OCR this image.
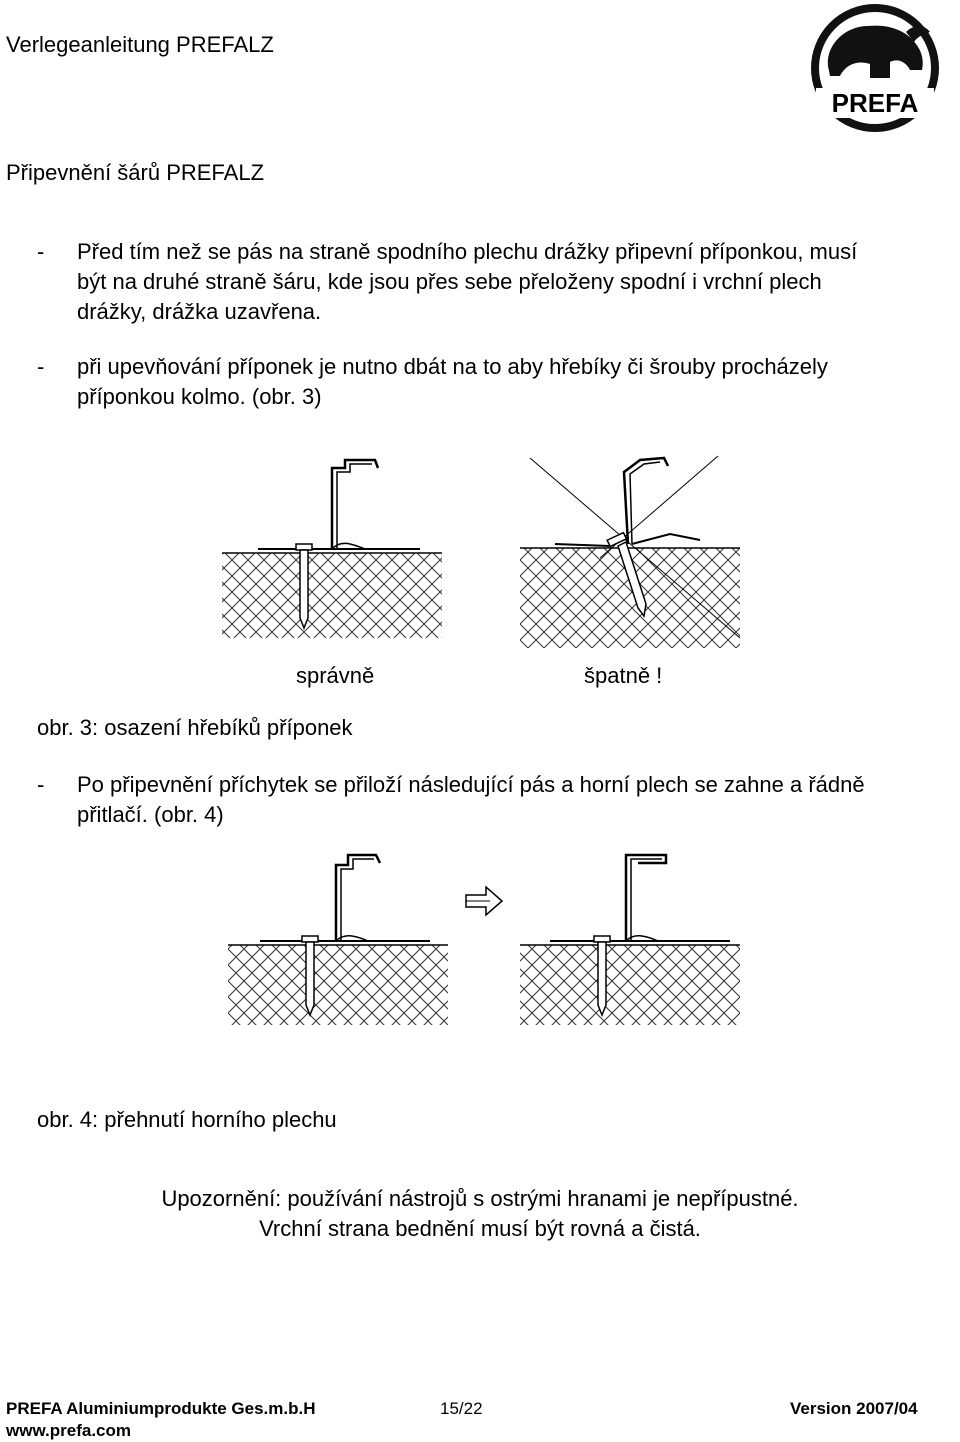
Verlegeanleitung PREFALZ
PREFA
Připevnění šárů PREFALZ
- Před tím než se pás na straně spodního plechu drážky připevní příponkou, musí
být na druhé straně šáru, kde jsou přes sebe přeloženy spodní i vrchní plech
drážky, drážka uzavřena.
- při upevňování příponek je nutno dbát na to aby hřebíky či šrouby procházely
příponkou kolmo. (obr. 3)
správně	špatně !
obr. 3: osazení hřebíků příponek
- Po připevnění příchytek se přiloží následující pás a horní plech se zahne a řádně
přitlačí. (obr. 4)
obr. 4: přehnutí horního plechu
Upozornění: používání nástrojů s ostrými hranami je nepřípustné.
Vrchní strana bednění musí být rovná a čistá.
PREFA Aluminiumprodukte Ges.m.b.H	15/22	Version 2007/04
www.prefa.com
